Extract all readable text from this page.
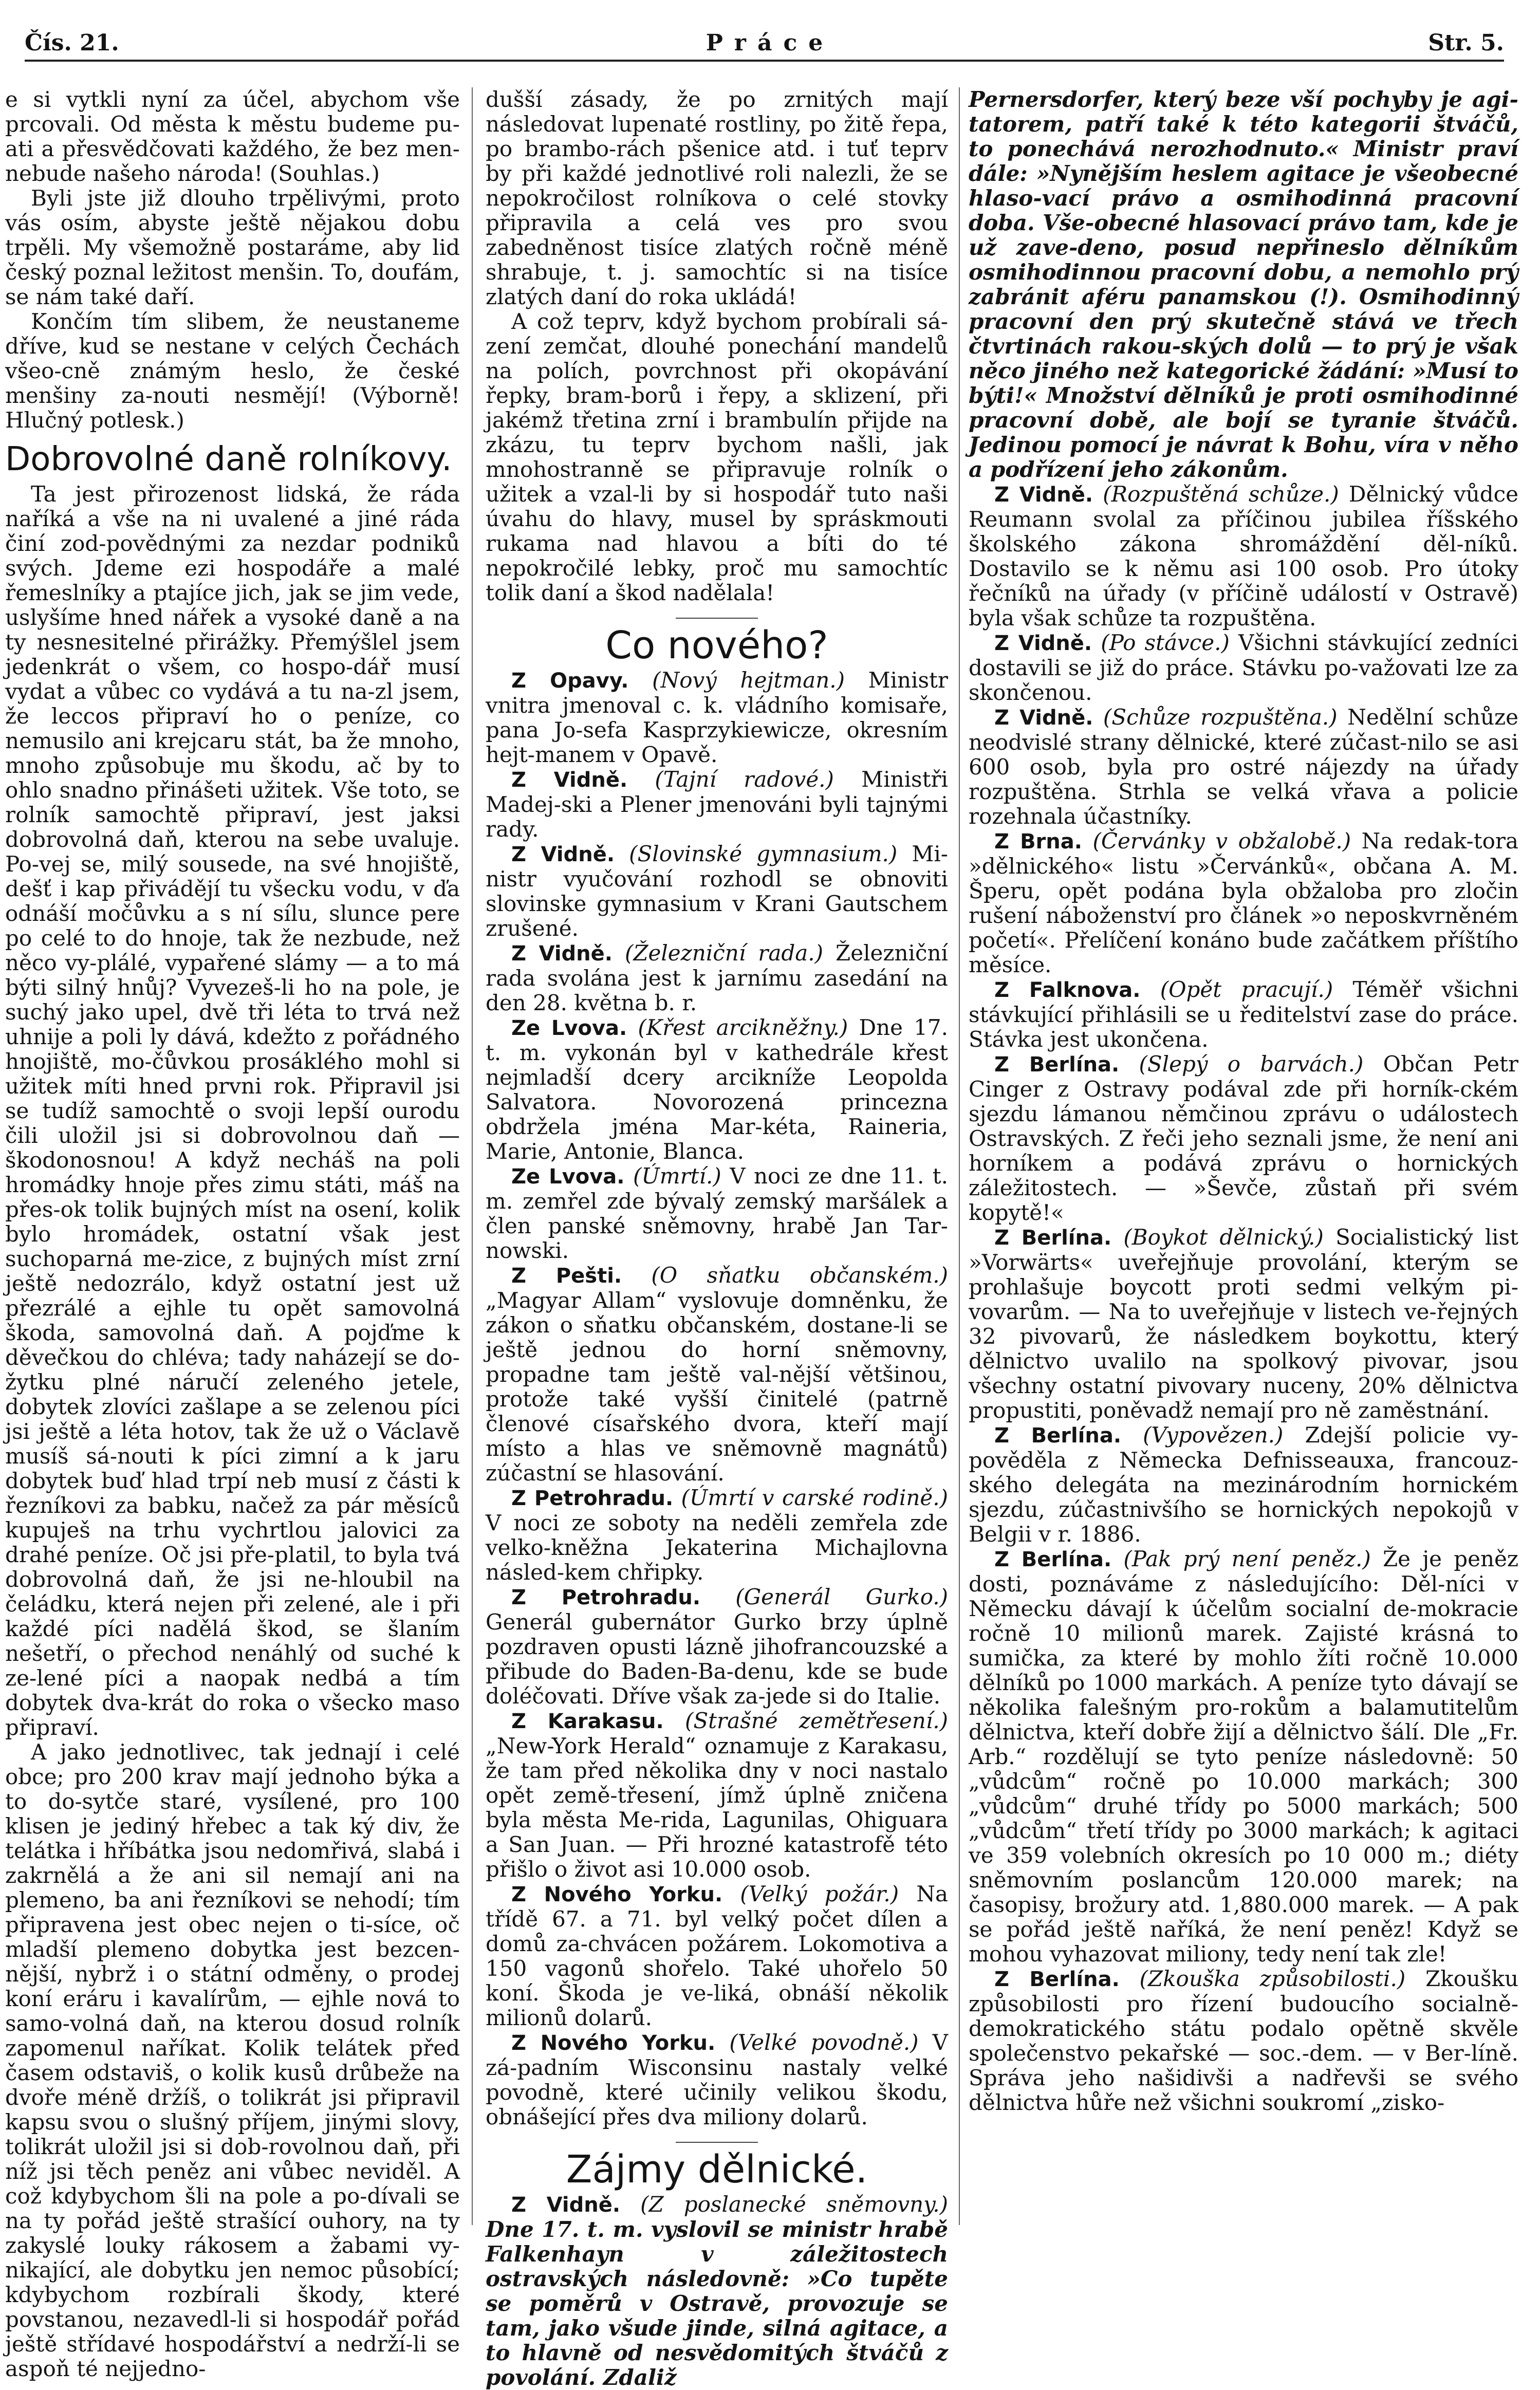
Čís. 21.	Práce	Str. 5.

e si vytkli nyní za účel, abychom vše prcovali. Od města k městu budeme pu-ati a přesvědčovati každého, že bez men-nebude našeho národa! (Souhlas.)

Byli jste již dlouho trpělivými, proto vás osím, abyste ještě nějakou dobu trpěli. My všemožně postaráme, aby lid český poznal ležitost menšin. To, doufám, se nám také daří.

Končím tím slibem, že neustaneme dříve, kud se nestane v celých Čechách všeo-cně známým heslo, že české menšiny za-nouti nesmějí! (Výborně! Hlučný potlesk.)

Dobrovolné daně rolníkovy.

Ta jest přirozenost lidská, že ráda naříká a vše na ni uvalené a jiné ráda činí zod-povědnými za nezdar podniků svých. Jdeme ezi hospodáře a malé řemeslníky a ptajíce jich, jak se jim vede, uslyšíme hned nářek a vysoké daně a na ty nesnesitelné přirážky. Přemýšlel jsem jedenkrát o všem, co hospo-dář musí vydat a vůbec co vydává a tu na-zl jsem, že leccos připraví ho o peníze, co nemusilo ani krejcaru stát, ba že mnoho, mnoho způsobuje mu škodu, ač by to ohlo snadno přinášeti užitek. Vše toto, se rolník samochtě připraví, jest jaksi dobrovolná daň, kterou na sebe uvaluje. Po-vej se, milý sousede, na své hnojiště, dešť i kap přivádějí tu všecku vodu, v ďa odnáší močůvku a s ní sílu, slunce pere po celé to do hnoje, tak že nezbude, než něco vy-plálé, vypařené slámy — a to má býti silný hnůj? Vyvezeš-li ho na pole, je suchý jako upel, dvě tři léta to trvá než uhnije a poli ly dává, kdežto z pořádného hnojiště, mo-čůvkou prosáklého mohl si užitek míti hned prvni rok. Připravil jsi se tudíž samochtě o svoji lepší ourodu čili uložil jsi si dobrovolnou daň — škodonosnou! A když necháš na poli hromádky hnoje přes zimu státi, máš na přes-ok tolik bujných míst na osení, kolik bylo hromádek, ostatní však jest suchoparná me-zice, z bujných míst zrní ještě nedozrálo, když ostatní jest už přezrálé a ejhle tu opět samovolná škoda, samovolná daň. A pojďme k děvečkou do chléva; tady naházejí se do-žytku plné náručí zeleného jetele, dobytek zlovíci zašlape a se zelenou píci jsi ještě a léta hotov, tak že už o Václavě musíš sá-nouti k píci zimní a k jaru dobytek buď hlad trpí neb musí z části k řezníkovi za babku, načež za pár měsíců kupuješ na trhu vychrtlou jalovici za drahé peníze. Oč jsi pře-platil, to byla tvá dobrovolná daň, že jsi ne-hloubil na čeládku, která nejen při zelené, ale i při každé píci nadělá škod, se šlaním nešetří, o přechod nenáhlý od suché k ze-lené píci a naopak nedbá a tím dobytek dva-krát do roka o všecko maso připraví.

A jako jednotlivec, tak jednají i celé obce; pro 200 krav mají jednoho býka a to do-sytče staré, vysílené, pro 100 klisen je jediný hřebec a tak ký div, že telátka i hříbátka jsou nedomřivá, slabá i zakrnělá a že ani sil nemají ani na plemeno, ba ani řezníkovi se nehodí; tím připravena jest obec nejen o ti-síce, oč mladší plemeno dobytka jest bezcen-nější, nybrž i o státní odměny, o prodej koní eráru i kavalírům, — ejhle nová to samo-volná daň, na kterou dosud rolník zapomenul naříkat. Kolik telátek před časem odstaviš, o kolik kusů drůbeže na dvoře méně držíš, o tolikrát jsi připravil kapsu svou o slušný příjem, jinými slovy, tolikrát uložil jsi si dob-rovolnou daň, při níž jsi těch peněz ani vůbec neviděl. A což kdybychom šli na pole a po-dívali se na ty pořád ještě strašící ouhory, na ty zakyslé louky rákosem a žabami vy-nikající, ale dobytku jen nemoc působící; kdybychom rozbírali škody, které povstanou, nezavedl-li si hospodář pořád ještě střídavé hospodářství a nedrží-li se aspoň té nejjedno-

dušší zásady, že po zrnitých mají následovat lupenaté rostliny, po žitě řepa, po brambo-rách pšenice atd. i tuť teprv by při každé jednotlivé roli nalezli, že se nepokročilost rolníkova o celé stovky připravila a celá ves pro svou zabedněnost tisíce zlatých ročně méně shrabuje, t. j. samochtíc si na tisíce zlatých daní do roka ukládá!

A což teprv, když bychom probírali sá-zení zemčat, dlouhé ponechání mandelů na polích, povrchnost při okopávání řepky, bram-borů i řepy, a sklizení, při jakémž třetina zrní i brambulín přijde na zkázu, tu teprv bychom našli, jak mnohostranně se připravuje rolník o užitek a vzal-li by si hospodář tuto naši úvahu do hlavy, musel by spráskmouti rukama nad hlavou a bíti do té nepokročilé lebky, proč mu samochtíc tolik daní a škod nadělala!

Co nového?

Z Opavy. (Nový hejtman.) Ministr vnitra jmenoval c. k. vládního komisaře, pana Jo-sefa Kasprzykiewicze, okresním hejt-manem v Opavě.

Z Vidně. (Tajní radové.) Ministři Madej-ski a Plener jmenováni byli tajnými rady.

Z Vidně. (Slovinské gymnasium.) Mi-nistr vyučování rozhodl se obnoviti slovinske gymnasium v Krani Gautschem zrušené.

Z Vidně. (Železniční rada.) Železniční rada svolána jest k jarnímu zasedání na den 28. května b. r.

Ze Lvova. (Křest arcikněžny.) Dne 17. t. m. vykonán byl v kathedrále křest nejmladší dcery arcikníže Leopolda Salvatora. Novorozená princezna obdržela jména Mar-kéta, Raineria, Marie, Antonie, Blanca.

Ze Lvova. (Úmrtí.) V noci ze dne 11. t. m. zemřel zde bývalý zemský maršálek a člen panské sněmovny, hrabě Jan Tar-nowski.

Z Pešti. (O sňatku občanském.) „Magyar Allam“ vyslovuje domněnku, že zákon o sňatku občanském, dostane-li se ještě jednou do horní sněmovny, propadne tam ještě val-nější většinou, protože také vyšší činitelé (patrně členové císařského dvora, kteří mají místo a hlas ve sněmovně magnátů) zúčastní se hlasování.

Z Petrohradu. (Úmrtí v carské rodině.) V noci ze soboty na neděli zemřela zde velko-kněžna Jekaterina Michajlovna násled-kem chřipky.

Z Petrohradu. (Generál Gurko.) Generál gubernátor Gurko brzy úplně pozdraven opusti lázně jihofrancouzské a přibude do Baden-Ba-denu, kde se bude doléčovati. Dříve však za-jede si do Italie.

Z Karakasu. (Strašné zemětřesení.) „New-York Herald“ oznamuje z Karakasu, že tam před několika dny v noci nastalo opět země-třesení, jímž úplně zničena byla města Me-rida, Lagunilas, Ohiguara a San Juan. — Při hrozné katastrofě této přišlo o život asi 10.000 osob.

Z Nového Yorku. (Velký požár.) Na třídě 67. a 71. byl velký počet dílen a domů za-chvácen požárem. Lokomotiva a 150 vagonů shořelo. Také uhořelo 50 koní. Škoda je ve-liká, obnáší několik milionů dolarů.

Z Nového Yorku. (Velké povodně.) V zá-padním Wisconsinu nastaly velké povodně, které učinily velikou škodu, obnášející přes dva miliony dolarů.

Zájmy dělnické.

Z Vidně. (Z poslanecké sněmovny.) Dne 17. t. m. vyslovil se ministr hrabě Falkenhayn v záležitostech ostravských následovně: »Co tupěte se poměrů v Ostravě, provozuje se tam, jako všude jinde, silná agitace, a to hlavně od nesvědomitých štváčů z povolání. Zdaliž

Pernersdorfer, který beze vší pochyby je agi-tatorem, patří také k této kategorii štváčů, to ponechává nerozhodnuto.« Ministr praví dále: »Nynějším heslem agitace je všeobecné hlaso-vací právo a osmihodinná pracovní doba. Vše-obecné hlasovací právo tam, kde je už zave-deno, posud nepřineslo dělníkům osmihodinnou pracovní dobu, a nemohlo prý zabránit aféru panamskou (!). Osmihodinný pracovní den prý skutečně stává ve třech čtvrtinách rakou-ských dolů — to prý je však něco jiného než kategorické žádání: »Musí to býti!« Množství dělníků je proti osmihodinné pracovní době, ale bojí se tyranie štváčů. Jedinou pomocí je návrat k Bohu, víra v něho a podřízení jeho zákonům.

Z Vidně. (Rozpuštěná schůze.) Dělnický vůdce Reumann svolal za příčinou jubilea říšského školského zákona shromáždění děl-níků. Dostavilo se k němu asi 100 osob. Pro útoky řečníků na úřady (v příčině událostí v Ostravě) byla však schůze ta rozpuštěna.

Z Vidně. (Po stávce.) Všichni stávkující zedníci dostavili se již do práce. Stávku po-važovati lze za skončenou.

Z Vidně. (Schůze rozpuštěna.) Nedělní schůze neodvislé strany dělnické, které zúčast-nilo se asi 600 osob, byla pro ostré nájezdy na úřady rozpuštěna. Strhla se velká vřava a policie rozehnala účastníky.

Z Brna. (Červánky v obžalobě.) Na redak-tora »dělnického« listu »Červánků«, občana A. M. Šperu, opět podána byla obžaloba pro zločin rušení náboženství pro článek »o neposkvrněném početí«. Přelíčení konáno bude začátkem příštího měsíce.

Z Falknova. (Opět pracují.) Téměř všichni stávkující přihlásili se u ředitelství zase do práce. Stávka jest ukončena.

Z Berlína. (Slepý o barvách.) Občan Petr Cinger z Ostravy podával zde při horník-ckém sjezdu lámanou němčinou zprávu o událostech Ostravských. Z řeči jeho seznali jsme, že není ani horníkem a podává zprávu o hornických záležitostech. — »Ševče, zůstaň při svém kopytě!«

Z Berlína. (Boykot dělnický.) Socialistický list »Vorwärts« uveřejňuje provolání, kterým se prohlašuje boycott proti sedmi velkým pi-vovarům. — Na to uveřejňuje v listech ve-řejných 32 pivovarů, že následkem boykottu, který dělnictvo uvalilo na spolkový pivovar, jsou všechny ostatní pivovary nuceny, 20% dělnictva propustiti, poněvadž nemají pro ně zaměstnání.

Z Berlína. (Vypovězen.) Zdejší policie vy-pověděla z Německa Defnisseauxa, francouz-ského delegáta na mezinárodním hornickém sjezdu, zúčastnivšího se hornických nepokojů v Belgii v r. 1886.

Z Berlína. (Pak prý není peněz.) Že je peněz dosti, poznáváme z následujícího: Děl-níci v Německu dávají k účelům socialní de-mokracie ročně 10 milionů marek. Zajisté krásná to sumička, za které by mohlo žíti ročně 10.000 dělníků po 1000 markách. A peníze tyto dávají se několika falešným pro-rokům a balamutitelům dělnictva, kteří dobře žijí a dělnictvo šálí. Dle „Fr. Arb.“ rozdělují se tyto peníze následovně: 50 „vůdcům“ ročně po 10.000 markách; 300 „vůdcům“ druhé třídy po 5000 markách; 500 „vůdcům“ třetí třídy po 3000 markách; k agitaci ve 359 volebních okresích po 10 000 m.; diéty sněmovním poslancům 120.000 marek; na časopisy, brožury atd. 1,880.000 marek. — A pak se pořád ještě naříká, že není peněz! Když se mohou vyhazovat miliony, tedy není tak zle!

Z Berlína. (Zkouška způsobilosti.) Zkoušku způsobilosti pro řízení budoucího socialně-demokratického státu podalo opětně skvěle společenstvo pekařské — soc.-dem. — v Ber-líně. Správa jeho našidivši a nadřevši se svého dělnictva hůře než všichni soukromí „zisko-
